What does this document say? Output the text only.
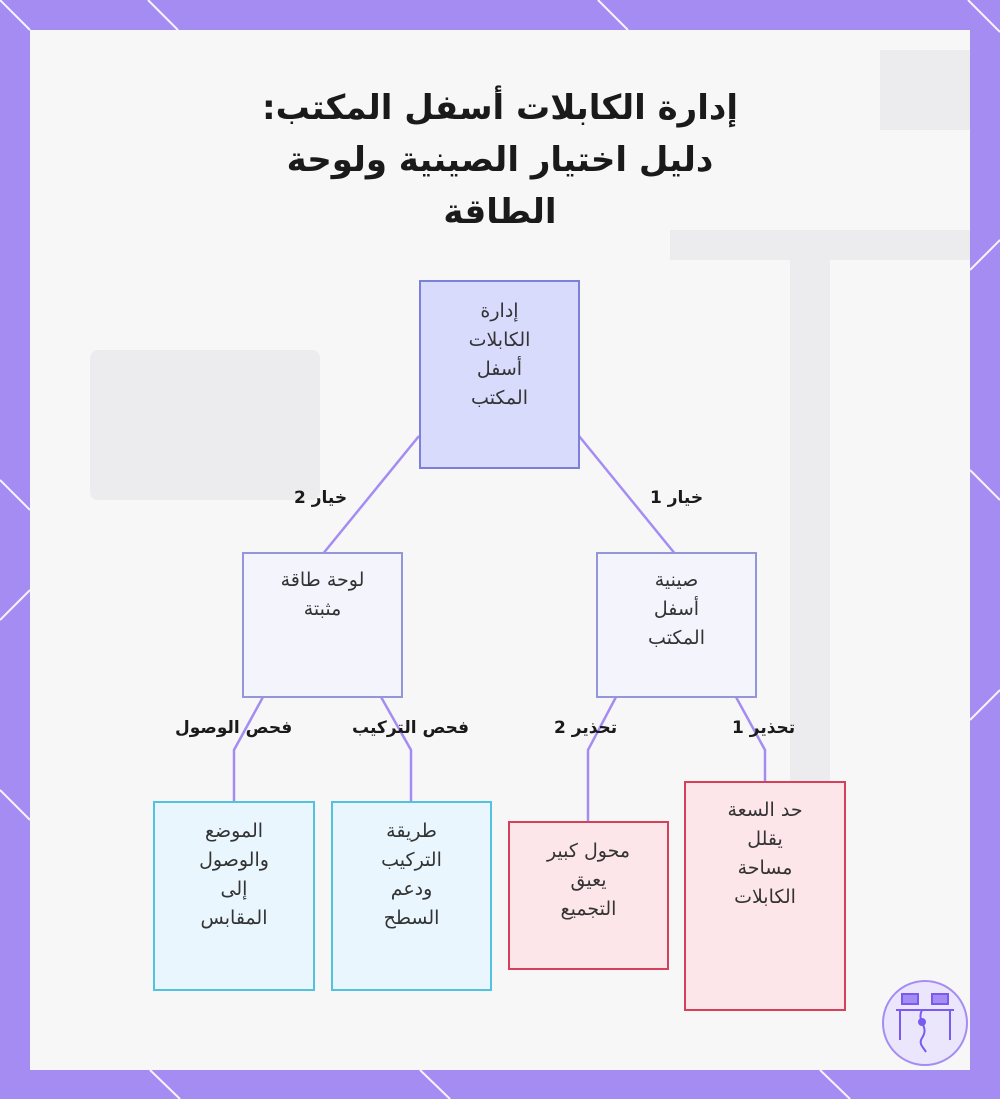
إدارة الكابلات أسفل المكتب:
دليل اختيار الصينية ولوحة
الطاقة
إدارة
الكابلات
أسفل
المكتب
صينية
أسفل
المكتب
لوحة طاقة
مثبتة
حد السعة
يقلل
مساحة
الكابلات
محول كبير
يعيق
التجميع
طريقة
التركيب
ودعم
السطح
الموضع
والوصول
إلى
المقابس
خيار 1
خيار 2
تحذير 1
تحذير 2
فحص التركيب
فحص الوصول
